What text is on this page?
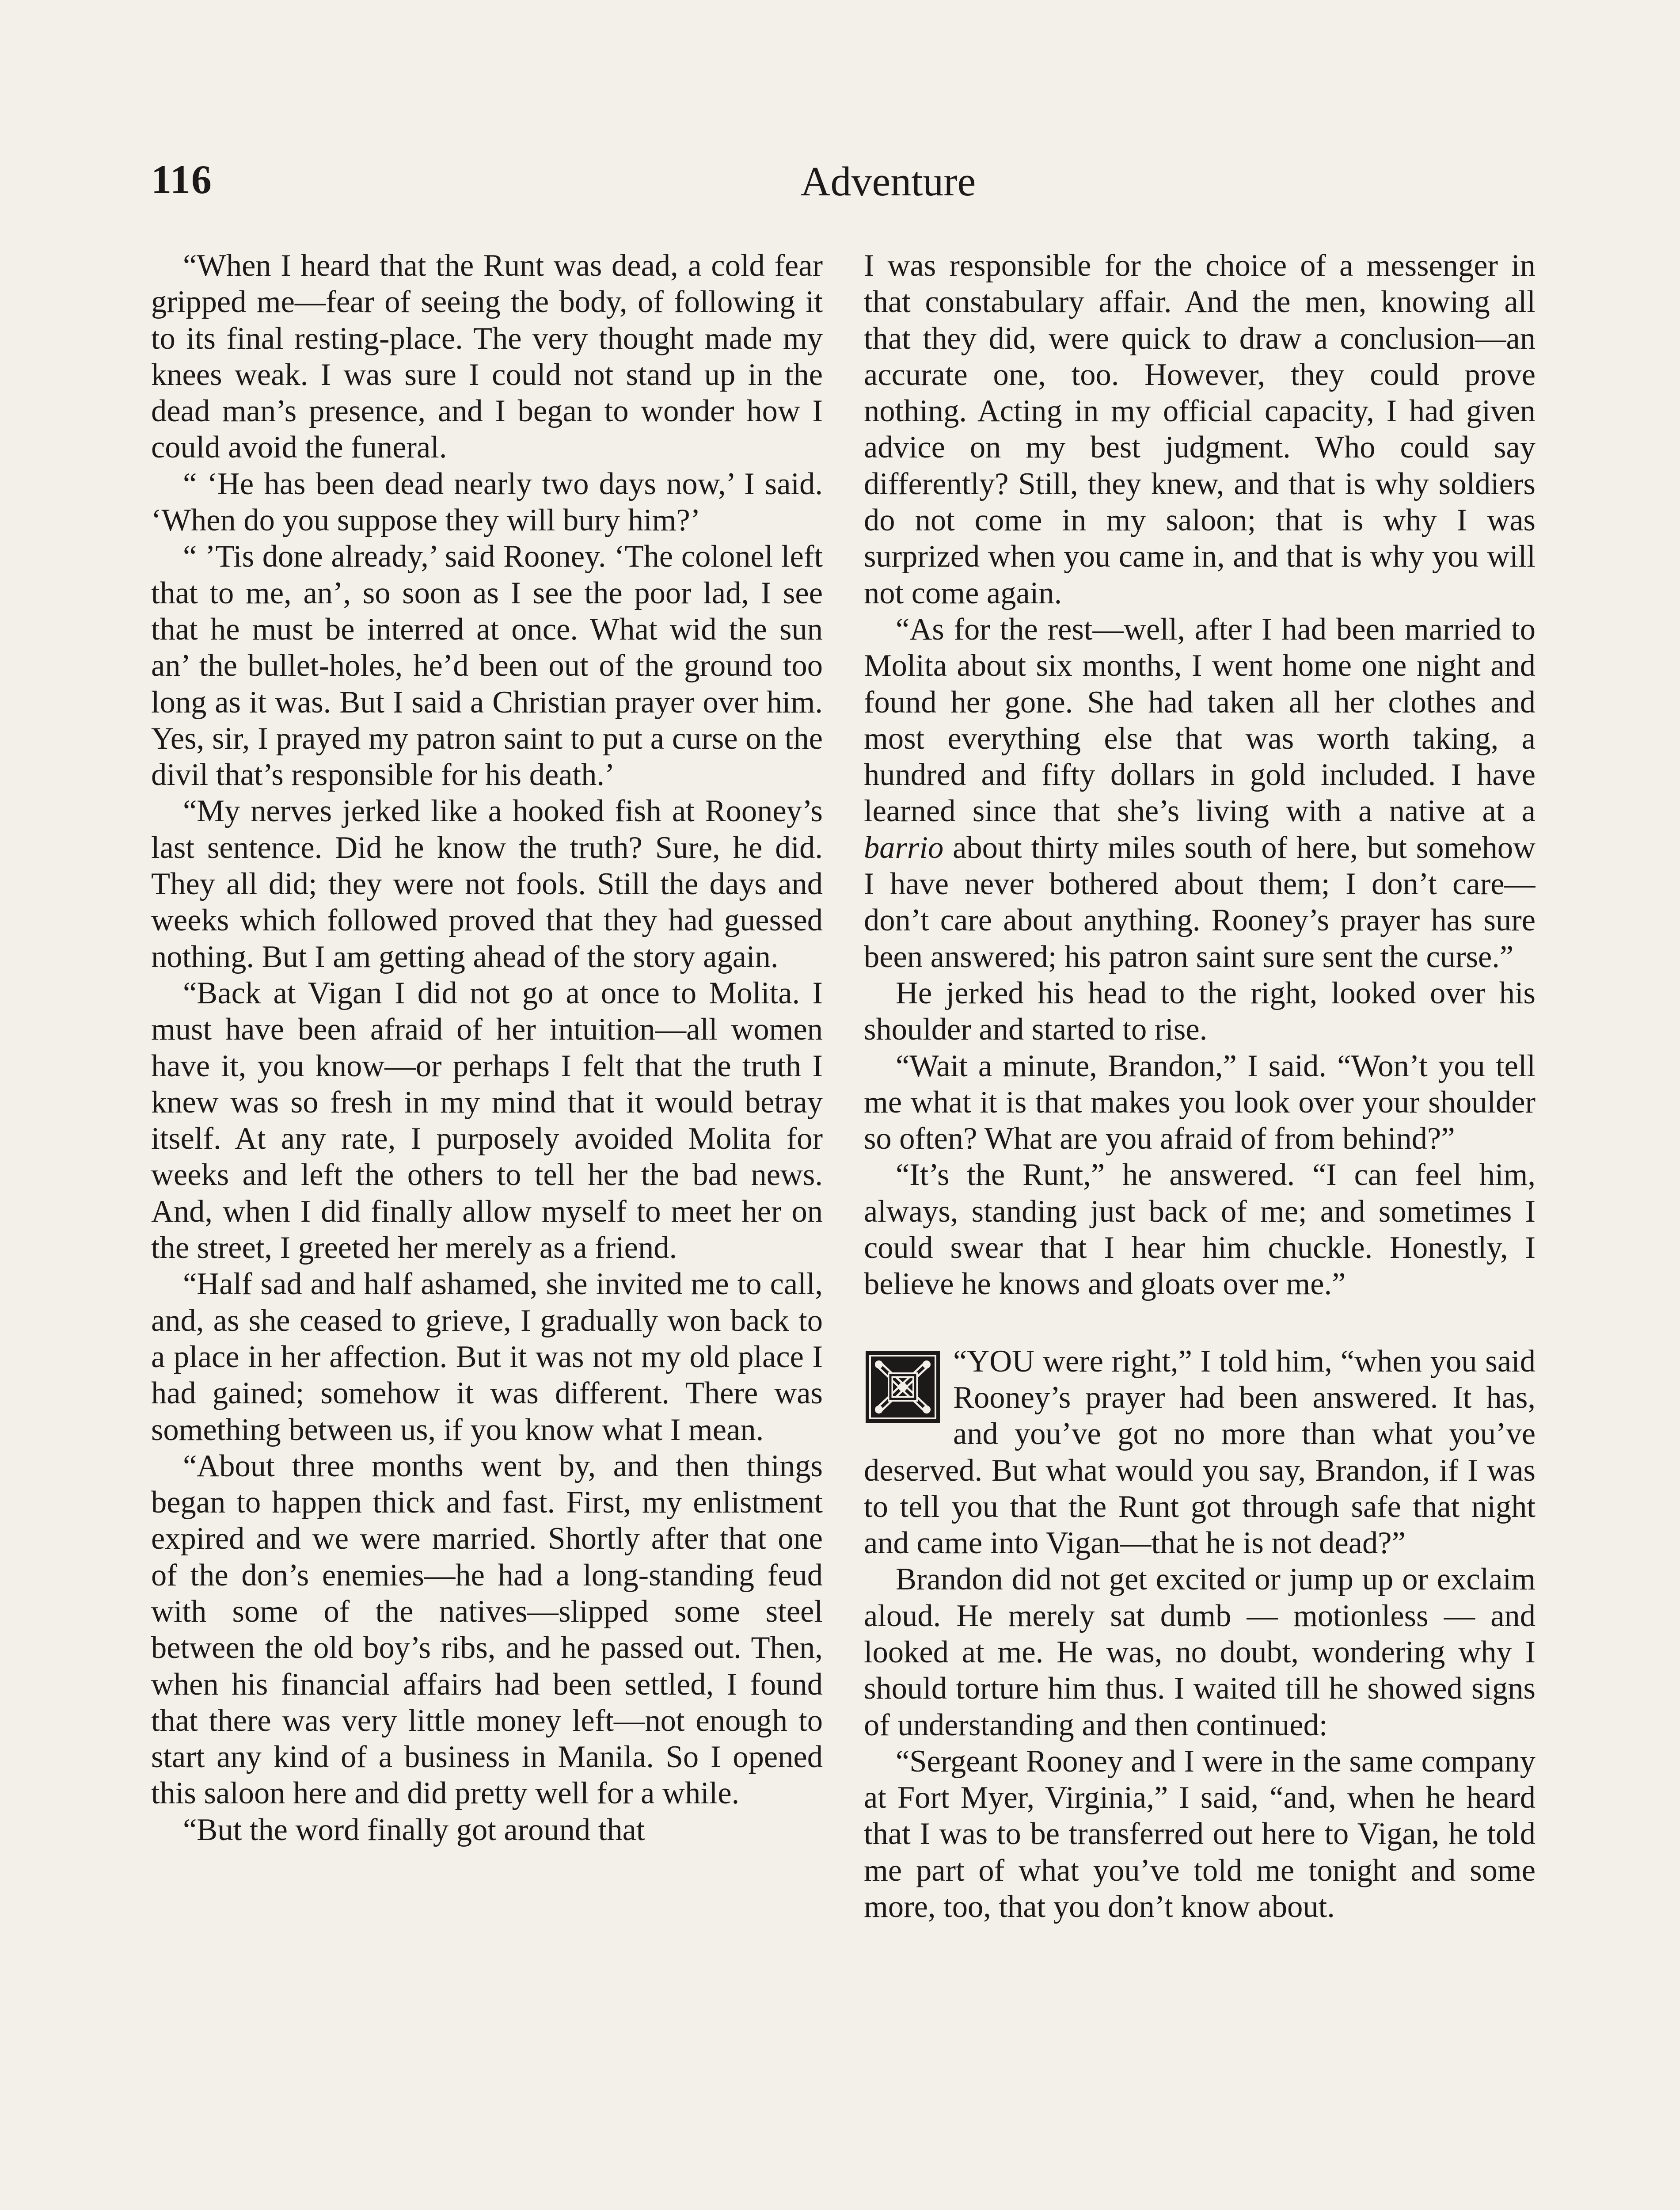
116	Adventure

“When I heard that the Runt was dead, a cold fear gripped me—fear of seeing the body, of following it to its final resting-place. The very thought made my knees weak. I was sure I could not stand up in the dead man’s presence, and I began to wonder how I could avoid the funeral.

“ ‘He has been dead nearly two days now,’ I said. ‘When do you suppose they will bury him?’

“ ’Tis done already,’ said Rooney. ‘The colonel left that to me, an’, so soon as I see the poor lad, I see that he must be interred at once. What wid the sun an’ the bullet-holes, he’d been out of the ground too long as it was. But I said a Christian prayer over him. Yes, sir, I prayed my patron saint to put a curse on the divil that’s responsible for his death.’

“My nerves jerked like a hooked fish at Rooney’s last sentence. Did he know the truth? Sure, he did. They all did; they were not fools. Still the days and weeks which followed proved that they had guessed nothing. But I am getting ahead of the story again.

“Back at Vigan I did not go at once to Molita. I must have been afraid of her intuition—all women have it, you know—or perhaps I felt that the truth I knew was so fresh in my mind that it would betray itself. At any rate, I purposely avoided Molita for weeks and left the others to tell her the bad news. And, when I did finally allow myself to meet her on the street, I greeted her merely as a friend.

“Half sad and half ashamed, she invited me to call, and, as she ceased to grieve, I gradually won back to a place in her affection. But it was not my old place I had gained; somehow it was different. There was something between us, if you know what I mean.

“About three months went by, and then things began to happen thick and fast. First, my enlistment expired and we were married. Shortly after that one of the don’s enemies—he had a long-standing feud with some of the natives—slipped some steel between the old boy’s ribs, and he passed out. Then, when his financial affairs had been settled, I found that there was very little money left—not enough to start any kind of a business in Manila. So I opened this saloon here and did pretty well for a while.

“But the word finally got around that

I was responsible for the choice of a messenger in that constabulary affair. And the men, knowing all that they did, were quick to draw a conclusion—an accurate one, too. However, they could prove nothing. Acting in my official capacity, I had given advice on my best judgment. Who could say differently? Still, they knew, and that is why soldiers do not come in my saloon; that is why I was surprized when you came in, and that is why you will not come again.

“As for the rest—well, after I had been married to Molita about six months, I went home one night and found her gone. She had taken all her clothes and most everything else that was worth taking, a hundred and fifty dollars in gold included. I have learned since that she’s living with a native at a barrio about thirty miles south of here, but somehow I have never bothered about them; I don’t care—don’t care about anything. Rooney’s prayer has sure been answered; his patron saint sure sent the curse.”

He jerked his head to the right, looked over his shoulder and started to rise.

“Wait a minute, Brandon,” I said. “Won’t you tell me what it is that makes you look over your shoulder so often? What are you afraid of from behind?”

“It’s the Runt,” he answered. “I can feel him, always, standing just back of me; and sometimes I could swear that I hear him chuckle. Honestly, I believe he knows and gloats over me.”

“YOU were right,” I told him, “when you said Rooney’s prayer had been answered. It has, and you’ve got no more than what you’ve deserved. But what would you say, Brandon, if I was to tell you that the Runt got through safe that night and came into Vigan—that he is not dead?”

Brandon did not get excited or jump up or exclaim aloud. He merely sat dumb — motionless — and looked at me. He was, no doubt, wondering why I should torture him thus. I waited till he showed signs of understanding and then continued:

“Sergeant Rooney and I were in the same company at Fort Myer, Virginia,” I said, “and, when he heard that I was to be transferred out here to Vigan, he told me part of what you’ve told me tonight and some more, too, that you don’t know about.
